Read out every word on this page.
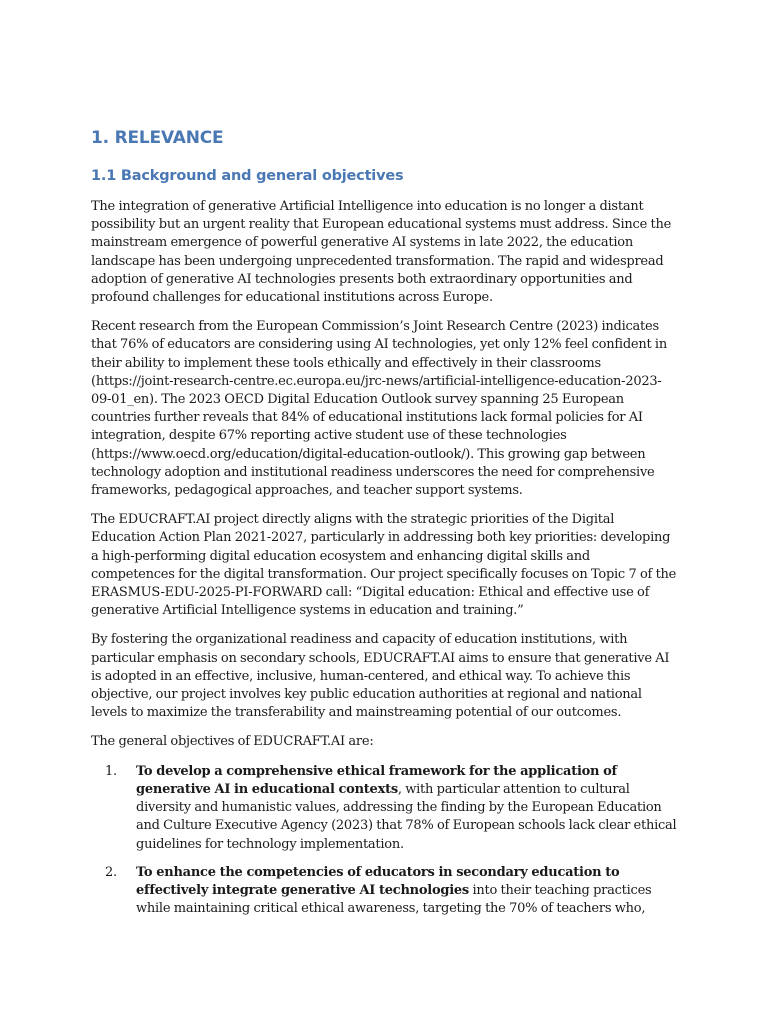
1. RELEVANCE
1.1 Background and general objectives

The integration of generative Artificial Intelligence into education is no longer a distant possibility but an urgent reality that European educational systems must address. Since the mainstream emergence of powerful generative AI systems in late 2022, the education landscape has been undergoing unprecedented transformation. The rapid and widespread adoption of generative AI technologies presents both extraordinary opportunities and profound challenges for educational institutions across Europe.

Recent research from the European Commission’s Joint Research Centre (2023) indicates that 76% of educators are considering using AI technologies, yet only 12% feel confident in their ability to implement these tools ethically and effectively in their classrooms (https://joint-research-centre.ec.europa.eu/jrc-news/artificial-intelligence-education-2023-09-01_en). The 2023 OECD Digital Education Outlook survey spanning 25 European countries further reveals that 84% of educational institutions lack formal policies for AI integration, despite 67% reporting active student use of these technologies (https://www.oecd.org/education/digital-education-outlook/). This growing gap between technology adoption and institutional readiness underscores the need for comprehensive frameworks, pedagogical approaches, and teacher support systems.

The EDUCRAFT.AI project directly aligns with the strategic priorities of the Digital Education Action Plan 2021-2027, particularly in addressing both key priorities: developing a high-performing digital education ecosystem and enhancing digital skills and competences for the digital transformation. Our project specifically focuses on Topic 7 of the ERASMUS-EDU-2025-PI-FORWARD call: “Digital education: Ethical and effective use of generative Artificial Intelligence systems in education and training.”

By fostering the organizational readiness and capacity of education institutions, with particular emphasis on secondary schools, EDUCRAFT.AI aims to ensure that generative AI is adopted in an effective, inclusive, human-centered, and ethical way. To achieve this objective, our project involves key public education authorities at regional and national levels to maximize the transferability and mainstreaming potential of our outcomes.

The general objectives of EDUCRAFT.AI are:

1. To develop a comprehensive ethical framework for the application of generative AI in educational contexts, with particular attention to cultural diversity and humanistic values, addressing the finding by the European Education and Culture Executive Agency (2023) that 78% of European schools lack clear ethical guidelines for technology implementation.
2. To enhance the competencies of educators in secondary education to effectively integrate generative AI technologies into their teaching practices while maintaining critical ethical awareness, targeting the 70% of teachers who,
